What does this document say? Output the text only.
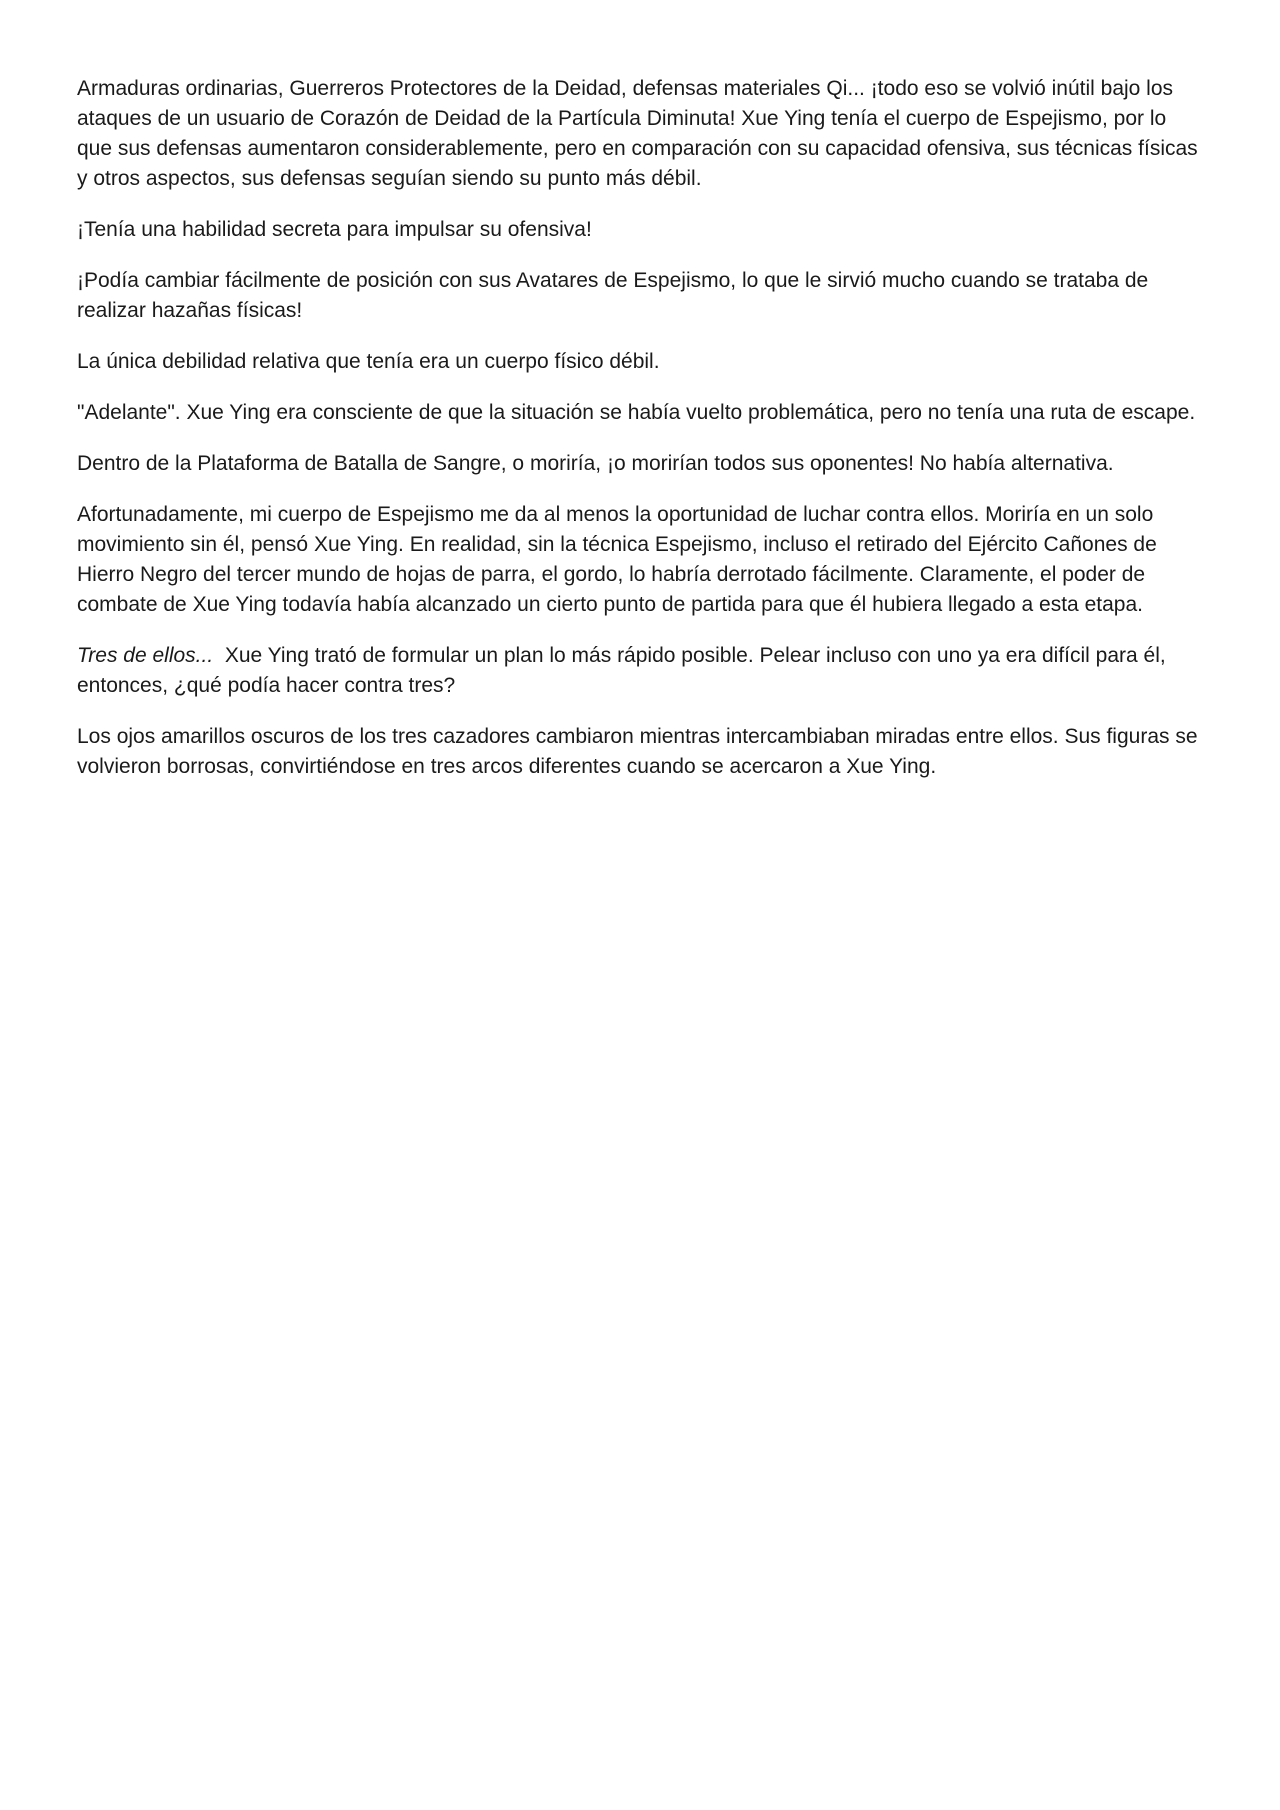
Armaduras ordinarias, Guerreros Protectores de la Deidad, defensas materiales Qi... ¡todo eso se volvió inútil bajo los ataques de un usuario de Corazón de Deidad de la Partícula Diminuta! Xue Ying tenía el cuerpo de Espejismo, por lo que sus defensas aumentaron considerablemente, pero en comparación con su capacidad ofensiva, sus técnicas físicas y otros aspectos, sus defensas seguían siendo su punto más débil.

¡Tenía una habilidad secreta para impulsar su ofensiva!

¡Podía cambiar fácilmente de posición con sus Avatares de Espejismo, lo que le sirvió mucho cuando se trataba de realizar hazañas físicas!

La única debilidad relativa que tenía era un cuerpo físico débil.

"Adelante". Xue Ying era consciente de que la situación se había vuelto problemática, pero no tenía una ruta de escape.

Dentro de la Plataforma de Batalla de Sangre, o moriría, ¡o morirían todos sus oponentes! No había alternativa.

Afortunadamente, mi cuerpo de Espejismo me da al menos la oportunidad de luchar contra ellos. Moriría en un solo movimiento sin él, pensó Xue Ying. En realidad, sin la técnica Espejismo, incluso el retirado del Ejército Cañones de Hierro Negro del tercer mundo de hojas de parra, el gordo, lo habría derrotado fácilmente. Claramente, el poder de combate de Xue Ying todavía había alcanzado un cierto punto de partida para que él hubiera llegado a esta etapa.

Tres de ellos...  Xue Ying trató de formular un plan lo más rápido posible. Pelear incluso con uno ya era difícil para él, entonces, ¿qué podía hacer contra tres?

Los ojos amarillos oscuros de los tres cazadores cambiaron mientras intercambiaban miradas entre ellos. Sus figuras se volvieron borrosas, convirtiéndose en tres arcos diferentes cuando se acercaron a Xue Ying.
